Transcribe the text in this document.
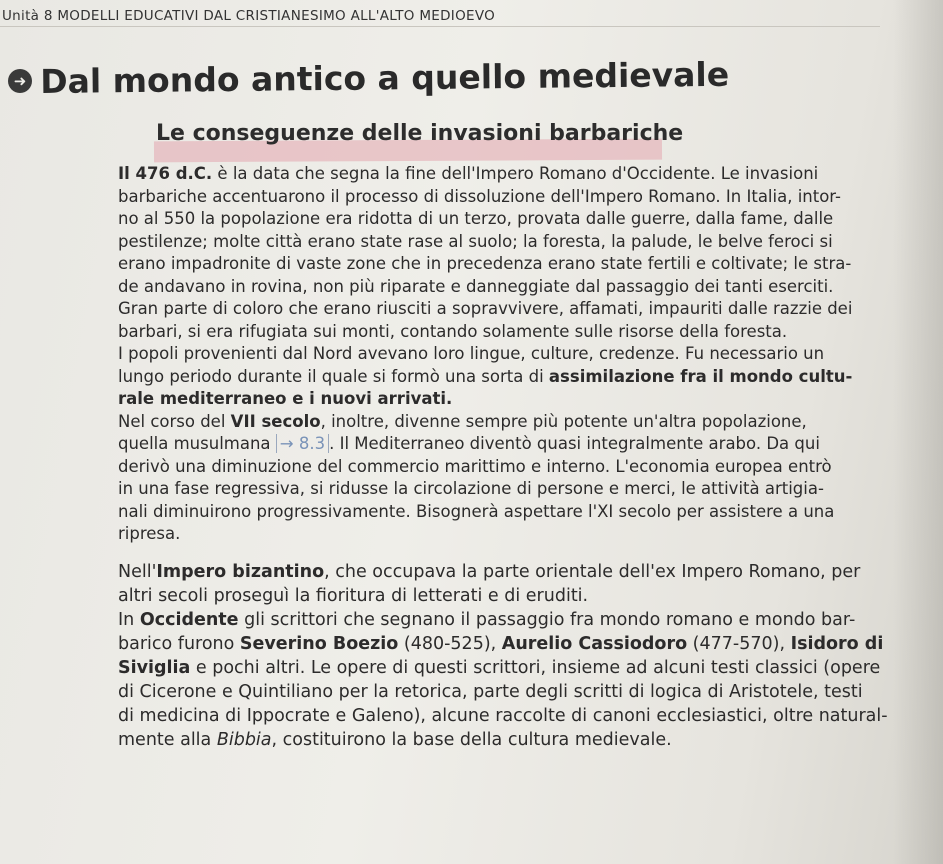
Unità 8 MODELLI EDUCATIVI DAL CRISTIANESIMO ALL'ALTO MEDIOEVO
➜ Dal mondo antico a quello medievale
Le conseguenze delle invasioni barbariche

Il 476 d.C. è la data che segna la fine dell'Impero Romano d'Occidente. Le invasioni
barbariche accentuarono il processo di dissoluzione dell'Impero Romano. In Italia, intor-
no al 550 la popolazione era ridotta di un terzo, provata dalle guerre, dalla fame, dalle
pestilenze; molte città erano state rase al suolo; la foresta, la palude, le belve feroci si
erano impadronite di vaste zone che in precedenza erano state fertili e coltivate; le stra-
de andavano in rovina, non più riparate e danneggiate dal passaggio dei tanti eserciti.
Gran parte di coloro che erano riusciti a sopravvivere, affamati, impauriti dalle razzie dei
barbari, si era rifugiata sui monti, contando solamente sulle risorse della foresta.

I popoli provenienti dal Nord avevano loro lingue, culture, credenze. Fu necessario un
lungo periodo durante il quale si formò una sorta di assimilazione fra il mondo cultu-
rale mediterraneo e i nuovi arrivati.

Nel corso del VII secolo, inoltre, divenne sempre più potente un'altra popolazione,
quella musulmana → 8.3 . Il Mediterraneo diventò quasi integralmente arabo. Da qui
derivò una diminuzione del commercio marittimo e interno. L'economia europea entrò
in una fase regressiva, si ridusse la circolazione di persone e merci, le attività artigia-
nali diminuirono progressivamente. Bisognerà aspettare l'XI secolo per assistere a una
ripresa.

Nell'Impero bizantino, che occupava la parte orientale dell'ex Impero Romano, per
altri secoli proseguì la fioritura di letterati e di eruditi.

In Occidente gli scrittori che segnano il passaggio fra mondo romano e mondo bar-
barico furono Severino Boezio (480-525), Aurelio Cassiodoro (477-570), Isidoro di
Siviglia e pochi altri. Le opere di questi scrittori, insieme ad alcuni testi classici (opere
di Cicerone e Quintiliano per la retorica, parte degli scritti di logica di Aristotele, testi
di medicina di Ippocrate e Galeno), alcune raccolte di canoni ecclesiastici, oltre natural-
mente alla Bibbia, costituirono la base della cultura medievale.
